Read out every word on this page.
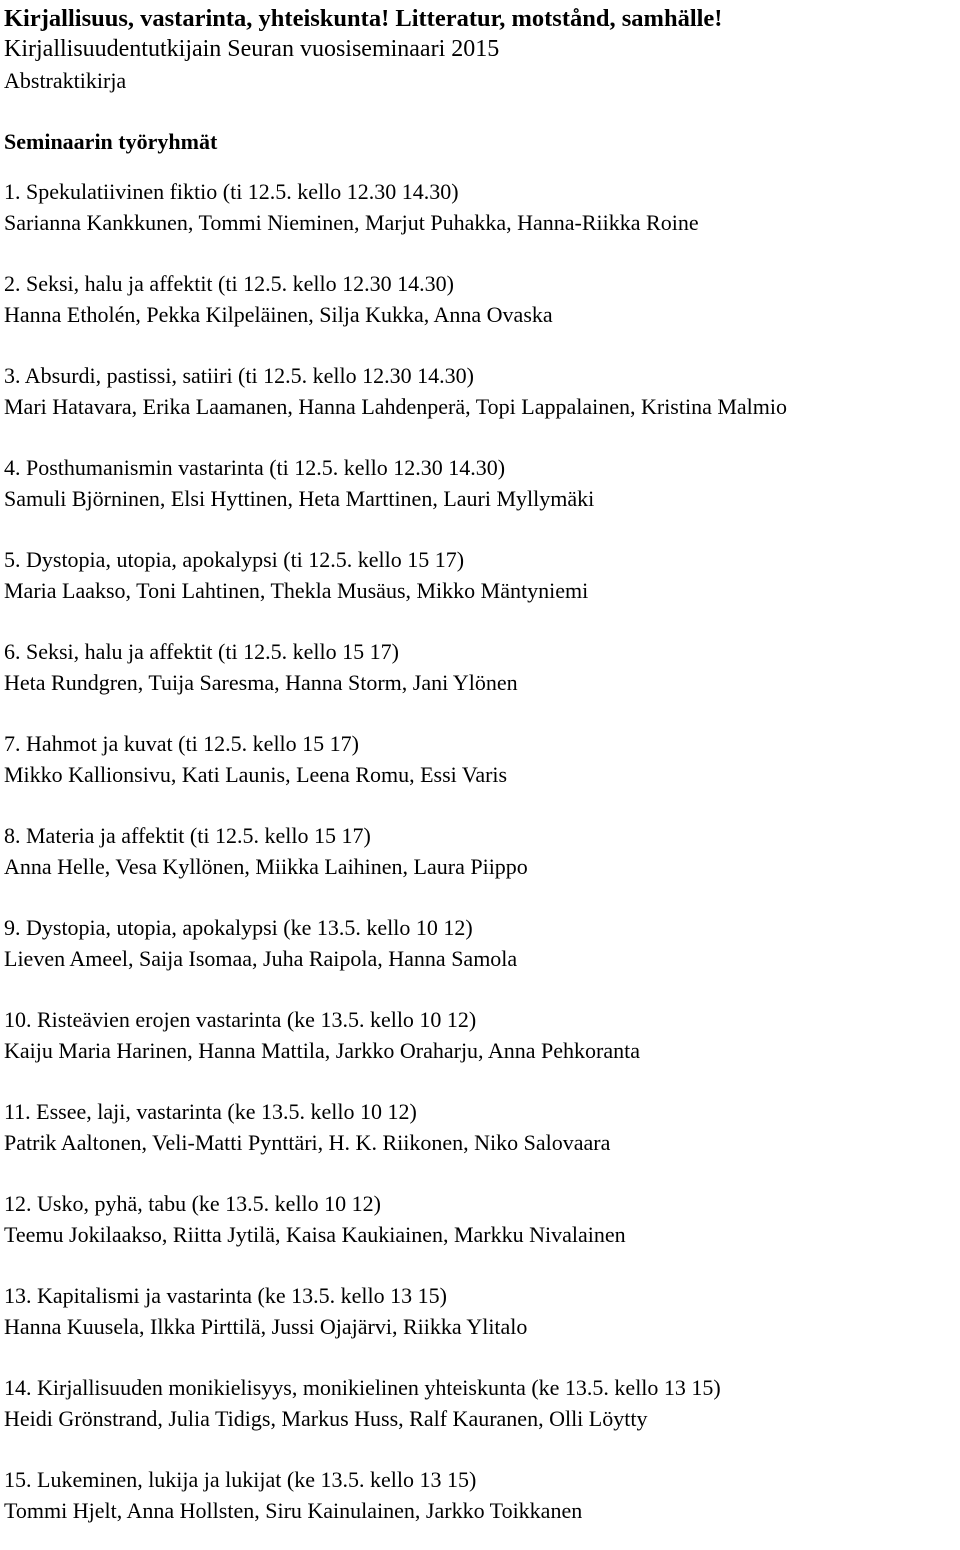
Kirjallisuus, vastarinta, yhteiskunta! Litteratur, motstånd, samhälle!
Kirjallisuudentutkijain Seuran vuosiseminaari 2015
Abstraktikirja
Seminaarin työryhmät
1. Spekulatiivinen fiktio (ti 12.5. kello 12.30 14.30)
Sarianna Kankkunen, Tommi Nieminen, Marjut Puhakka, Hanna-Riikka Roine
2. Seksi, halu ja affektit (ti 12.5. kello 12.30 14.30)
Hanna Etholén, Pekka Kilpeläinen, Silja Kukka, Anna Ovaska
3. Absurdi, pastissi, satiiri (ti 12.5. kello 12.30 14.30)
Mari Hatavara, Erika Laamanen, Hanna Lahdenperä, Topi Lappalainen, Kristina Malmio
4. Posthumanismin vastarinta (ti 12.5. kello 12.30 14.30)
Samuli Björninen, Elsi Hyttinen, Heta Marttinen, Lauri Myllymäki
5. Dystopia, utopia, apokalypsi (ti 12.5. kello 15 17)
Maria Laakso, Toni Lahtinen, Thekla Musäus, Mikko Mäntyniemi
6. Seksi, halu ja affektit (ti 12.5. kello 15 17)
Heta Rundgren, Tuija Saresma, Hanna Storm, Jani Ylönen
7. Hahmot ja kuvat (ti 12.5. kello 15 17)
Mikko Kallionsivu, Kati Launis, Leena Romu, Essi Varis
8. Materia ja affektit (ti 12.5. kello 15 17)
Anna Helle, Vesa Kyllönen, Miikka Laihinen, Laura Piippo
9. Dystopia, utopia, apokalypsi (ke 13.5. kello 10 12)
Lieven Ameel, Saija Isomaa, Juha Raipola, Hanna Samola
10. Risteävien erojen vastarinta (ke 13.5. kello 10 12)
Kaiju Maria Harinen, Hanna Mattila, Jarkko Oraharju, Anna Pehkoranta
11. Essee, laji, vastarinta (ke 13.5. kello 10 12)
Patrik Aaltonen, Veli-Matti Pynttäri, H. K. Riikonen, Niko Salovaara
12. Usko, pyhä, tabu (ke 13.5. kello 10 12)
Teemu Jokilaakso, Riitta Jytilä, Kaisa Kaukiainen, Markku Nivalainen
13. Kapitalismi ja vastarinta (ke 13.5. kello 13 15)
Hanna Kuusela, Ilkka Pirttilä, Jussi Ojajärvi, Riikka Ylitalo
14. Kirjallisuuden monikielisyys, monikielinen yhteiskunta (ke 13.5. kello 13 15)
Heidi Grönstrand, Julia Tidigs, Markus Huss, Ralf Kauranen, Olli Löytty
15. Lukeminen, lukija ja lukijat (ke 13.5. kello 13 15)
Tommi Hjelt, Anna Hollsten, Siru Kainulainen, Jarkko Toikkanen
